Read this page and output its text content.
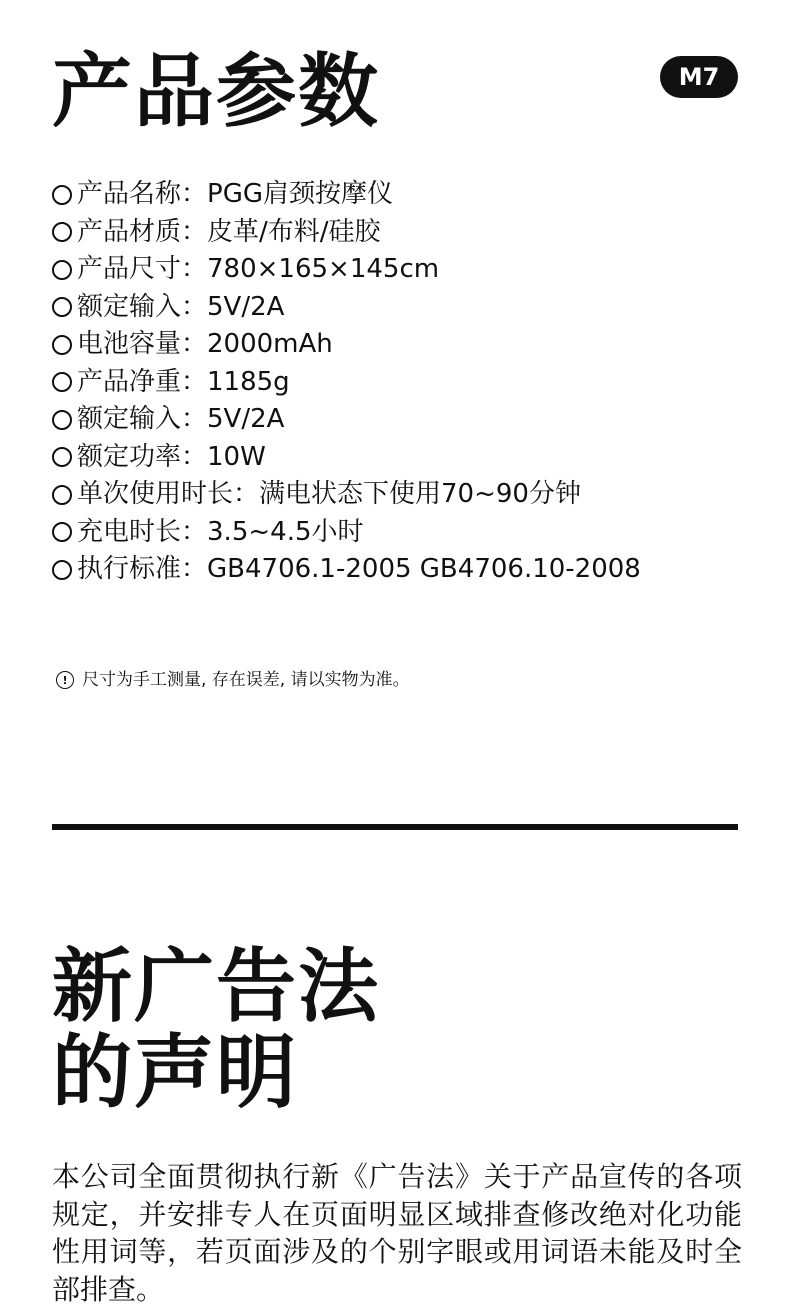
产品参数	M7
产品名称： PGG肩颈按摩仪
产品材质： 皮革/布料/硅胶
产品尺寸： 780×165×145cm
额定输入： 5V/2A
电池容量： 2000mAh
产品净重： 1185g
额定输入： 5V/2A
额定功率： 10W
单次使用时长： 满电状态下使用70~90分钟
充电时长： 3.5~4.5小时
执行标准： GB4706.1-2005 GB4706.10-2008
! 尺寸为手工测量, 存在误差, 请以实物为准。
新广告法
的声明
本公司全面贯彻执行新《广告法》关于产品宣传的各项规定，并安排专人在页面明显区域排查修改绝对化功能性用词等，若页面涉及的个别字眼或用词语未能及时全部排查。
